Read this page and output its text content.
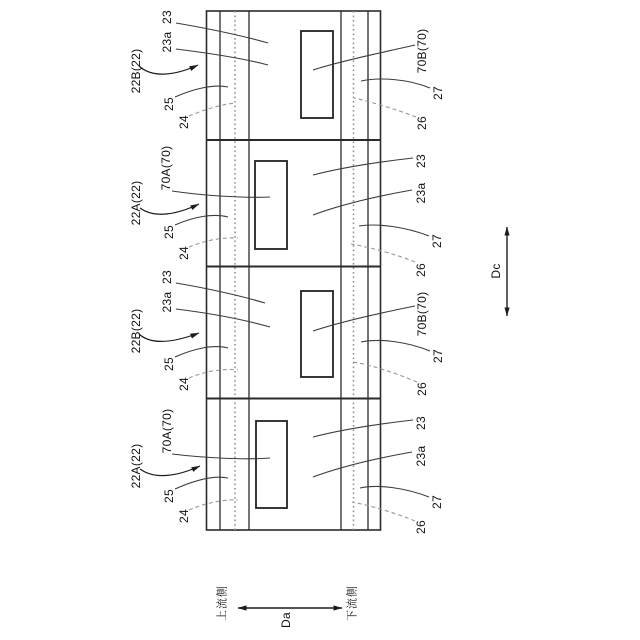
23
23a
22B(22)
25
24
70B(70)
27
26
70A(70)
22A(22)
25
24
23
23a
27
26
23
23a
22B(22)
25
24
70B(70)
27
26
70A(70)
22A(22)
25
24
23
23a
27
26
Dc
上流側	Da	下流側
